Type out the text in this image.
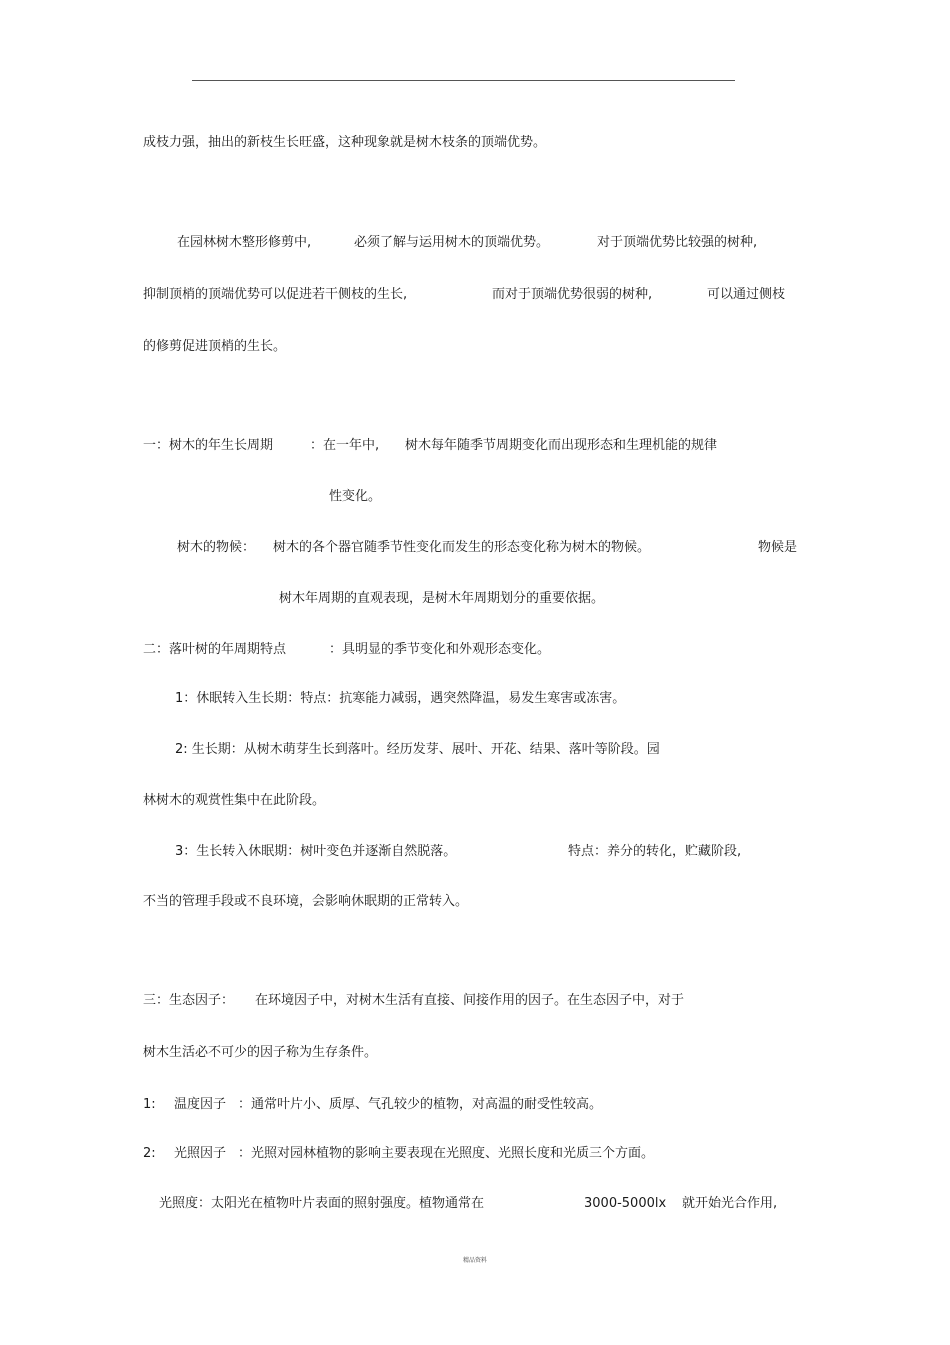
成枝力强，抽出的新枝生长旺盛，这种现象就是树木枝条的顶端优势。
在园林树木整形修剪中,	必须了解与运用树木的顶端优势。	对于顶端优势比较强的树种,
抑制顶梢的顶端优势可以促进若干侧枝的生长,	而对于顶端优势很弱的树种,	可以通过侧枝
的修剪促进顶梢的生长。
一：树木的年生长周期	：在一年中, 树木每年随季节周期变化而出现形态和生理机能的规律
性变化。
树木的物候： 树木的各个器官随季节性变化而发生的形态变化称为树木的物候。	物候是
树木年周期的直观表现，是树木年周期划分的重要依据。
二：落叶树的年周期特点	：具明显的季节变化和外观形态变化。
1：休眠转入生长期：特点：抗寒能力减弱，遇突然降温，易发生寒害或冻害。
2: 生长期：从树木萌芽生长到落叶。经历发芽、展叶、开花、结果、落叶等阶段。园
林树木的观赏性集中在此阶段。
3：生长转入休眠期：树叶变色并逐渐自然脱落。	特点：养分的转化，贮藏阶段,
不当的管理手段或不良环境，会影响休眠期的正常转入。
三：生态因子： 在环境因子中，对树木生活有直接、间接作用的因子。在生态因子中，对于
树木生活必不可少的因子称为生存条件。
1: 温度因子 ：通常叶片小、质厚、气孔较少的植物，对高温的耐受性较高。
2: 光照因子 ：光照对园林植物的影响主要表现在光照度、光照长度和光质三个方面。
光照度：太阳光在植物叶片表面的照射强度。植物通常在	3000-5000lx 就开始光合作用,
精品资料
